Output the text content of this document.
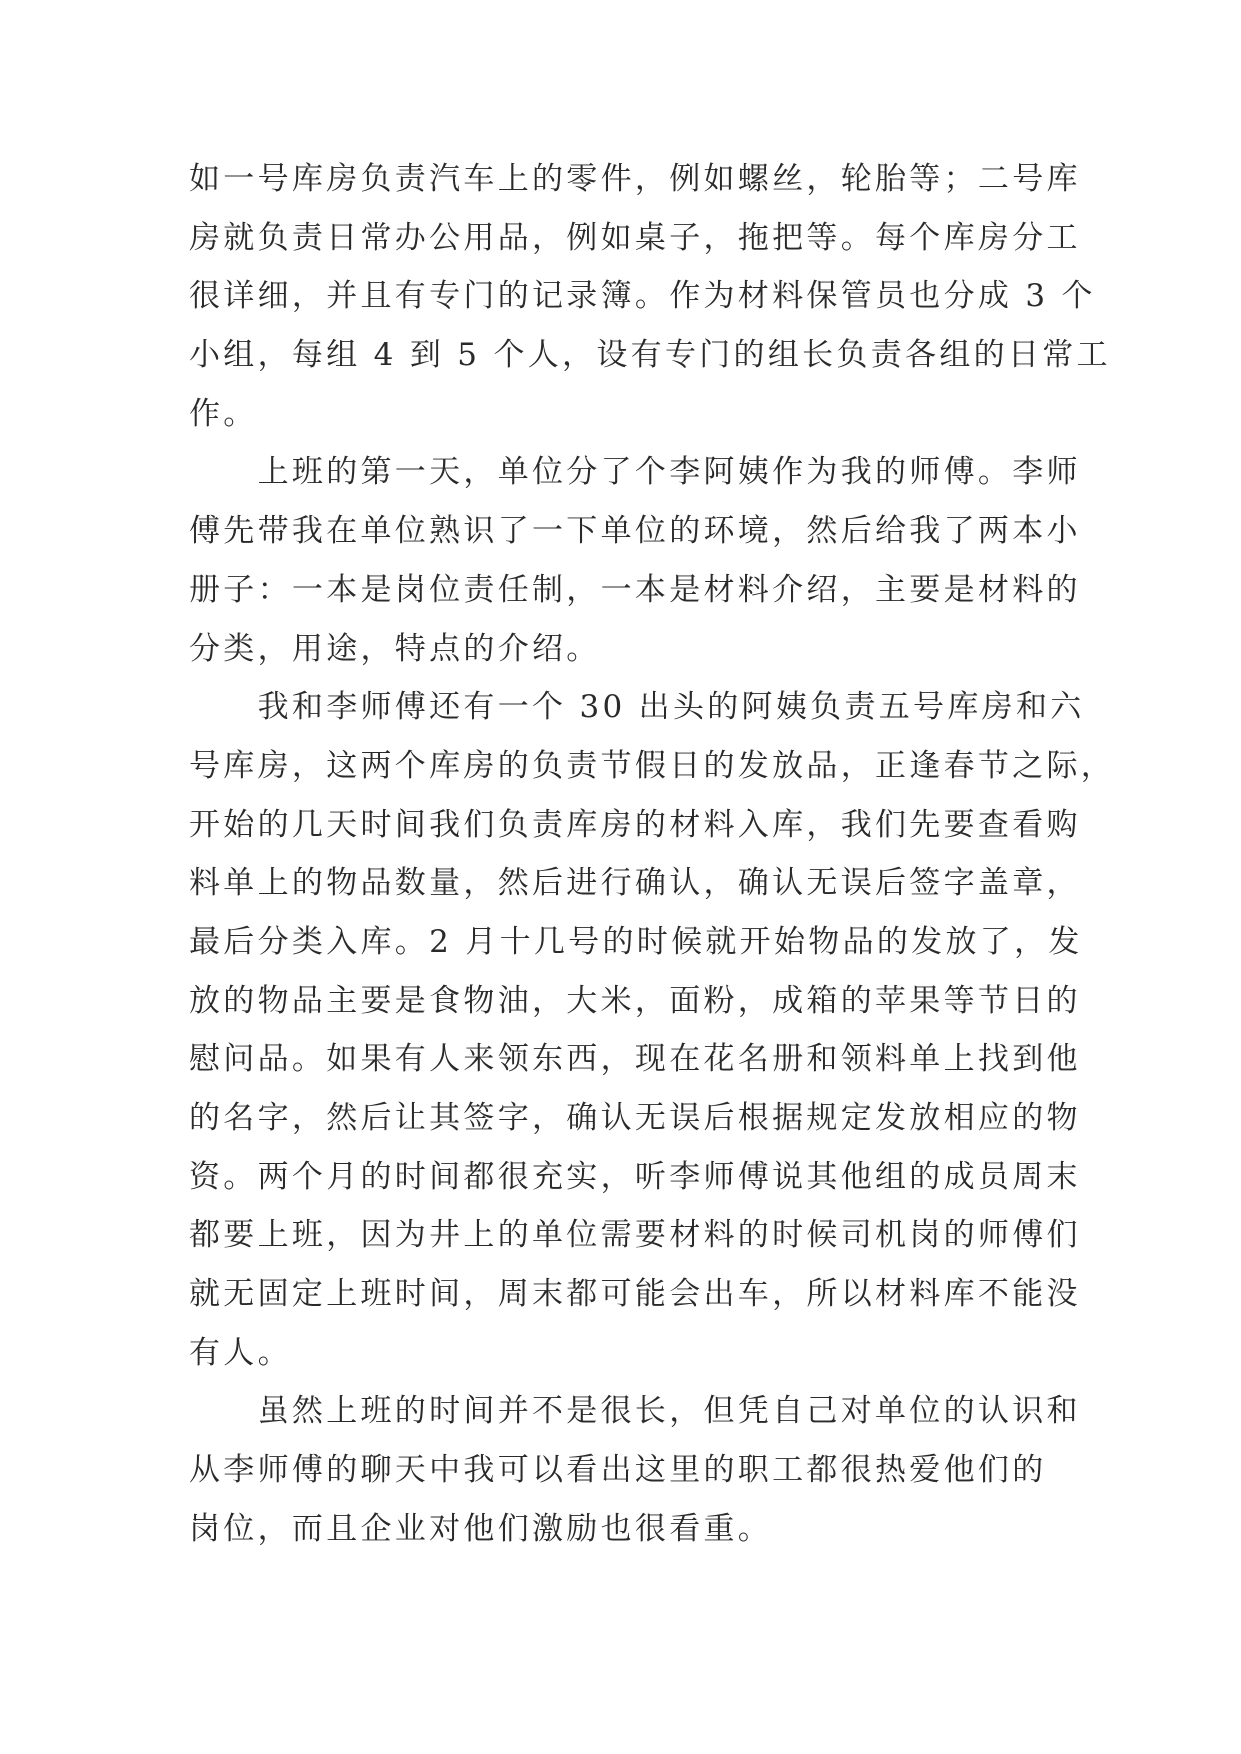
如一号库房负责汽车上的零件，例如螺丝，轮胎等；二号库
房就负责日常办公用品，例如桌子，拖把等。每个库房分工
很详细，并且有专门的记录簿。作为材料保管员也分成 3 个
小组，每组 4 到 5 个人，设有专门的组长负责各组的日常工
作。
　　上班的第一天，单位分了个李阿姨作为我的师傅。李师
傅先带我在单位熟识了一下单位的环境，然后给我了两本小
册子：一本是岗位责任制，一本是材料介绍，主要是材料的
分类，用途，特点的介绍。
　　我和李师傅还有一个 30 出头的阿姨负责五号库房和六
号库房，这两个库房的负责节假日的发放品，正逢春节之际，
开始的几天时间我们负责库房的材料入库，我们先要查看购
料单上的物品数量，然后进行确认，确认无误后签字盖章，
最后分类入库。2 月十几号的时候就开始物品的发放了，发
放的物品主要是食物油，大米，面粉，成箱的苹果等节日的
慰问品。如果有人来领东西，现在花名册和领料单上找到他
的名字，然后让其签字，确认无误后根据规定发放相应的物
资。两个月的时间都很充实，听李师傅说其他组的成员周末
都要上班，因为井上的单位需要材料的时候司机岗的师傅们
就无固定上班时间，周末都可能会出车，所以材料库不能没
有人。
　　虽然上班的时间并不是很长，但凭自己对单位的认识和
从李师傅的聊天中我可以看出这里的职工都很热爱他们的
岗位，而且企业对他们激励也很看重。
